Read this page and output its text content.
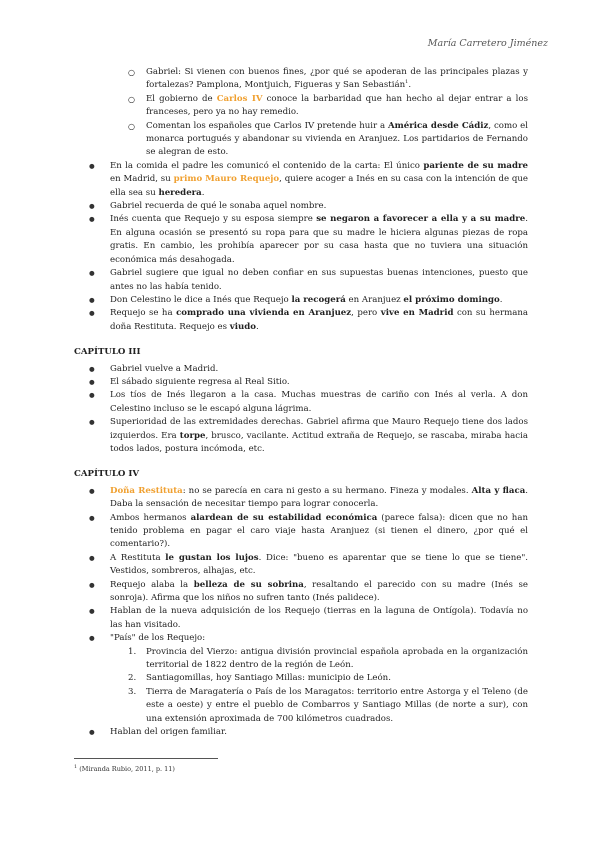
María Carretero Jiménez
○ Gabriel: Si vienen con buenos fines, ¿por qué se apoderan de las principales plazas y fortalezas? Pamplona, Montjuich, Figueras y San Sebastián$^1$.
○ El gobierno de Carlos IV conoce la barbaridad que han hecho al dejar entrar a los franceses, pero ya no hay remedio.
○ Comentan los españoles que Carlos IV pretende huir a América desde Cádiz, como el monarca portugués y abandonar su vivienda en Aranjuez. Los partidarios de Fernando se alegran de esto.
● En la comida el padre les comunicó el contenido de la carta: El único pariente de su madre en Madrid, su primo Mauro Requejo, quiere acoger a Inés en su casa con la intención de que ella sea su heredera.
● Gabriel recuerda de qué le sonaba aquel nombre.
● Inés cuenta que Requejo y su esposa siempre se negaron a favorecer a ella y a su madre. En alguna ocasión se presentó su ropa para que su madre le hiciera algunas piezas de ropa gratis. En cambio, les prohibía aparecer por su casa hasta que no tuviera una situación económica más desahogada.
● Gabriel sugiere que igual no deben confiar en sus supuestas buenas intenciones, puesto que antes no las había tenido.
● Don Celestino le dice a Inés que Requejo la recogerá en Aranjuez el próximo domingo.
● Requejo se ha comprado una vivienda en Aranjuez, pero vive en Madrid con su hermana doña Restituta. Requejo es viudo.
CAPÍTULO III
● Gabriel vuelve a Madrid.
● El sábado siguiente regresa al Real Sitio.
● Los tíos de Inés llegaron a la casa. Muchas muestras de cariño con Inés al verla. A don Celestino incluso se le escapó alguna lágrima.
● Superioridad de las extremidades derechas. Gabriel afirma que Mauro Requejo tiene dos lados izquierdos. Era torpe, brusco, vacilante. Actitud extraña de Requejo, se rascaba, miraba hacia todos lados, postura incómoda, etc.
CAPÍTULO IV
● Doña Restituta: no se parecía en cara ni gesto a su hermano. Fineza y modales. Alta y flaca. Daba la sensación de necesitar tiempo para lograr conocerla.
● Ambos hermanos alardean de su estabilidad económica (parece falsa): dicen que no han tenido problema en pagar el caro viaje hasta Aranjuez (si tienen el dinero, ¿por qué el comentario?).
● A Restituta le gustan los lujos. Dice: "bueno es aparentar que se tiene lo que se tiene". Vestidos, sombreros, alhajas, etc.
● Requejo alaba la belleza de su sobrina, resaltando el parecido con su madre (Inés se sonroja). Afirma que los niños no sufren tanto (Inés palidece).
● Hablan de la nueva adquisición de los Requejo (tierras en la laguna de Ontígola). Todavía no las han visitado.
● "País" de los Requejo:
1. Provincia del Vierzo: antigua división provincial española aprobada en la organización territorial de 1822 dentro de la región de León.
2. Santiagomillas, hoy Santiago Millas: municipio de León.
3. Tierra de Maragatería o País de los Maragatos: territorio entre Astorga y el Teleno (de este a oeste) y entre el pueblo de Combarros y Santiago Millas (de norte a sur), con una extensión aproximada de 700 kilómetros cuadrados.
● Hablan del origen familiar.
$^1$ (Miranda Rubio, 2011, p. 11)
